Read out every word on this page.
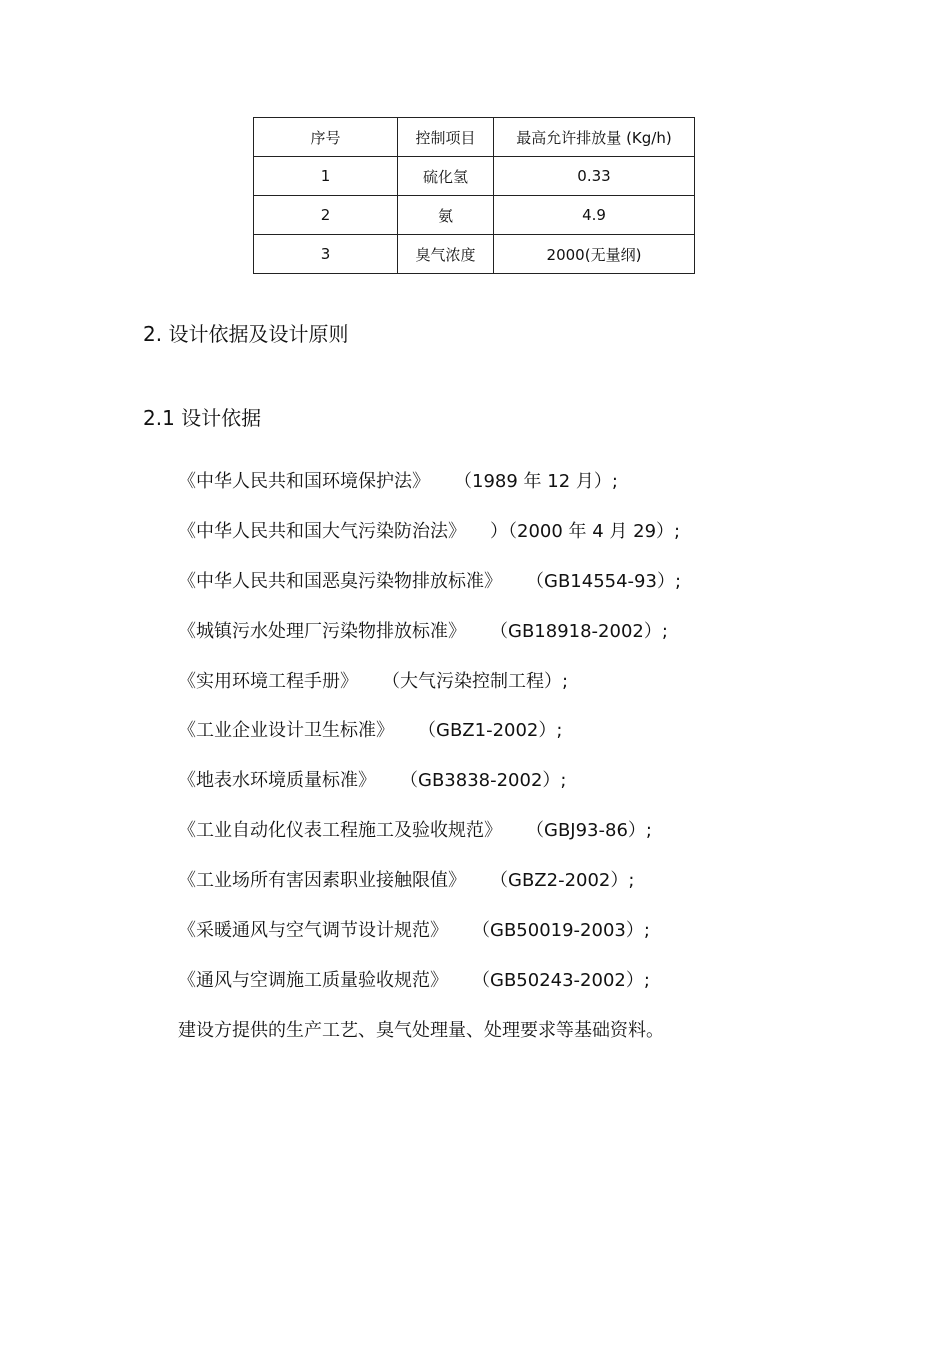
序号	控制项目	最高允许排放量 (Kg/h)
1	硫化氢	0.33
2	氨	4.9
3	臭气浓度	2000(无量纲)
2. 设计依据及设计原则
2.1 设计依据
《中华人民共和国环境保护法》 （1989 年 12 月）;
《中华人民共和国大气污染防治法》 ）（2000 年 4 月 29）;
《中华人民共和国恶臭污染物排放标准》 （GB14554-93）;
《城镇污水处理厂污染物排放标准》 （GB18918-2002）;
《实用环境工程手册》 （大气污染控制工程）;
《工业企业设计卫生标准》 （GBZ1-2002）;
《地表水环境质量标准》 （GB3838-2002）;
《工业自动化仪表工程施工及验收规范》 （GBJ93-86）;
《工业场所有害因素职业接触限值》 （GBZ2-2002）;
《采暖通风与空气调节设计规范》 （GB50019-2003）;
《通风与空调施工质量验收规范》 （GB50243-2002）;
建设方提供的生产工艺、臭气处理量、处理要求等基础资料。
